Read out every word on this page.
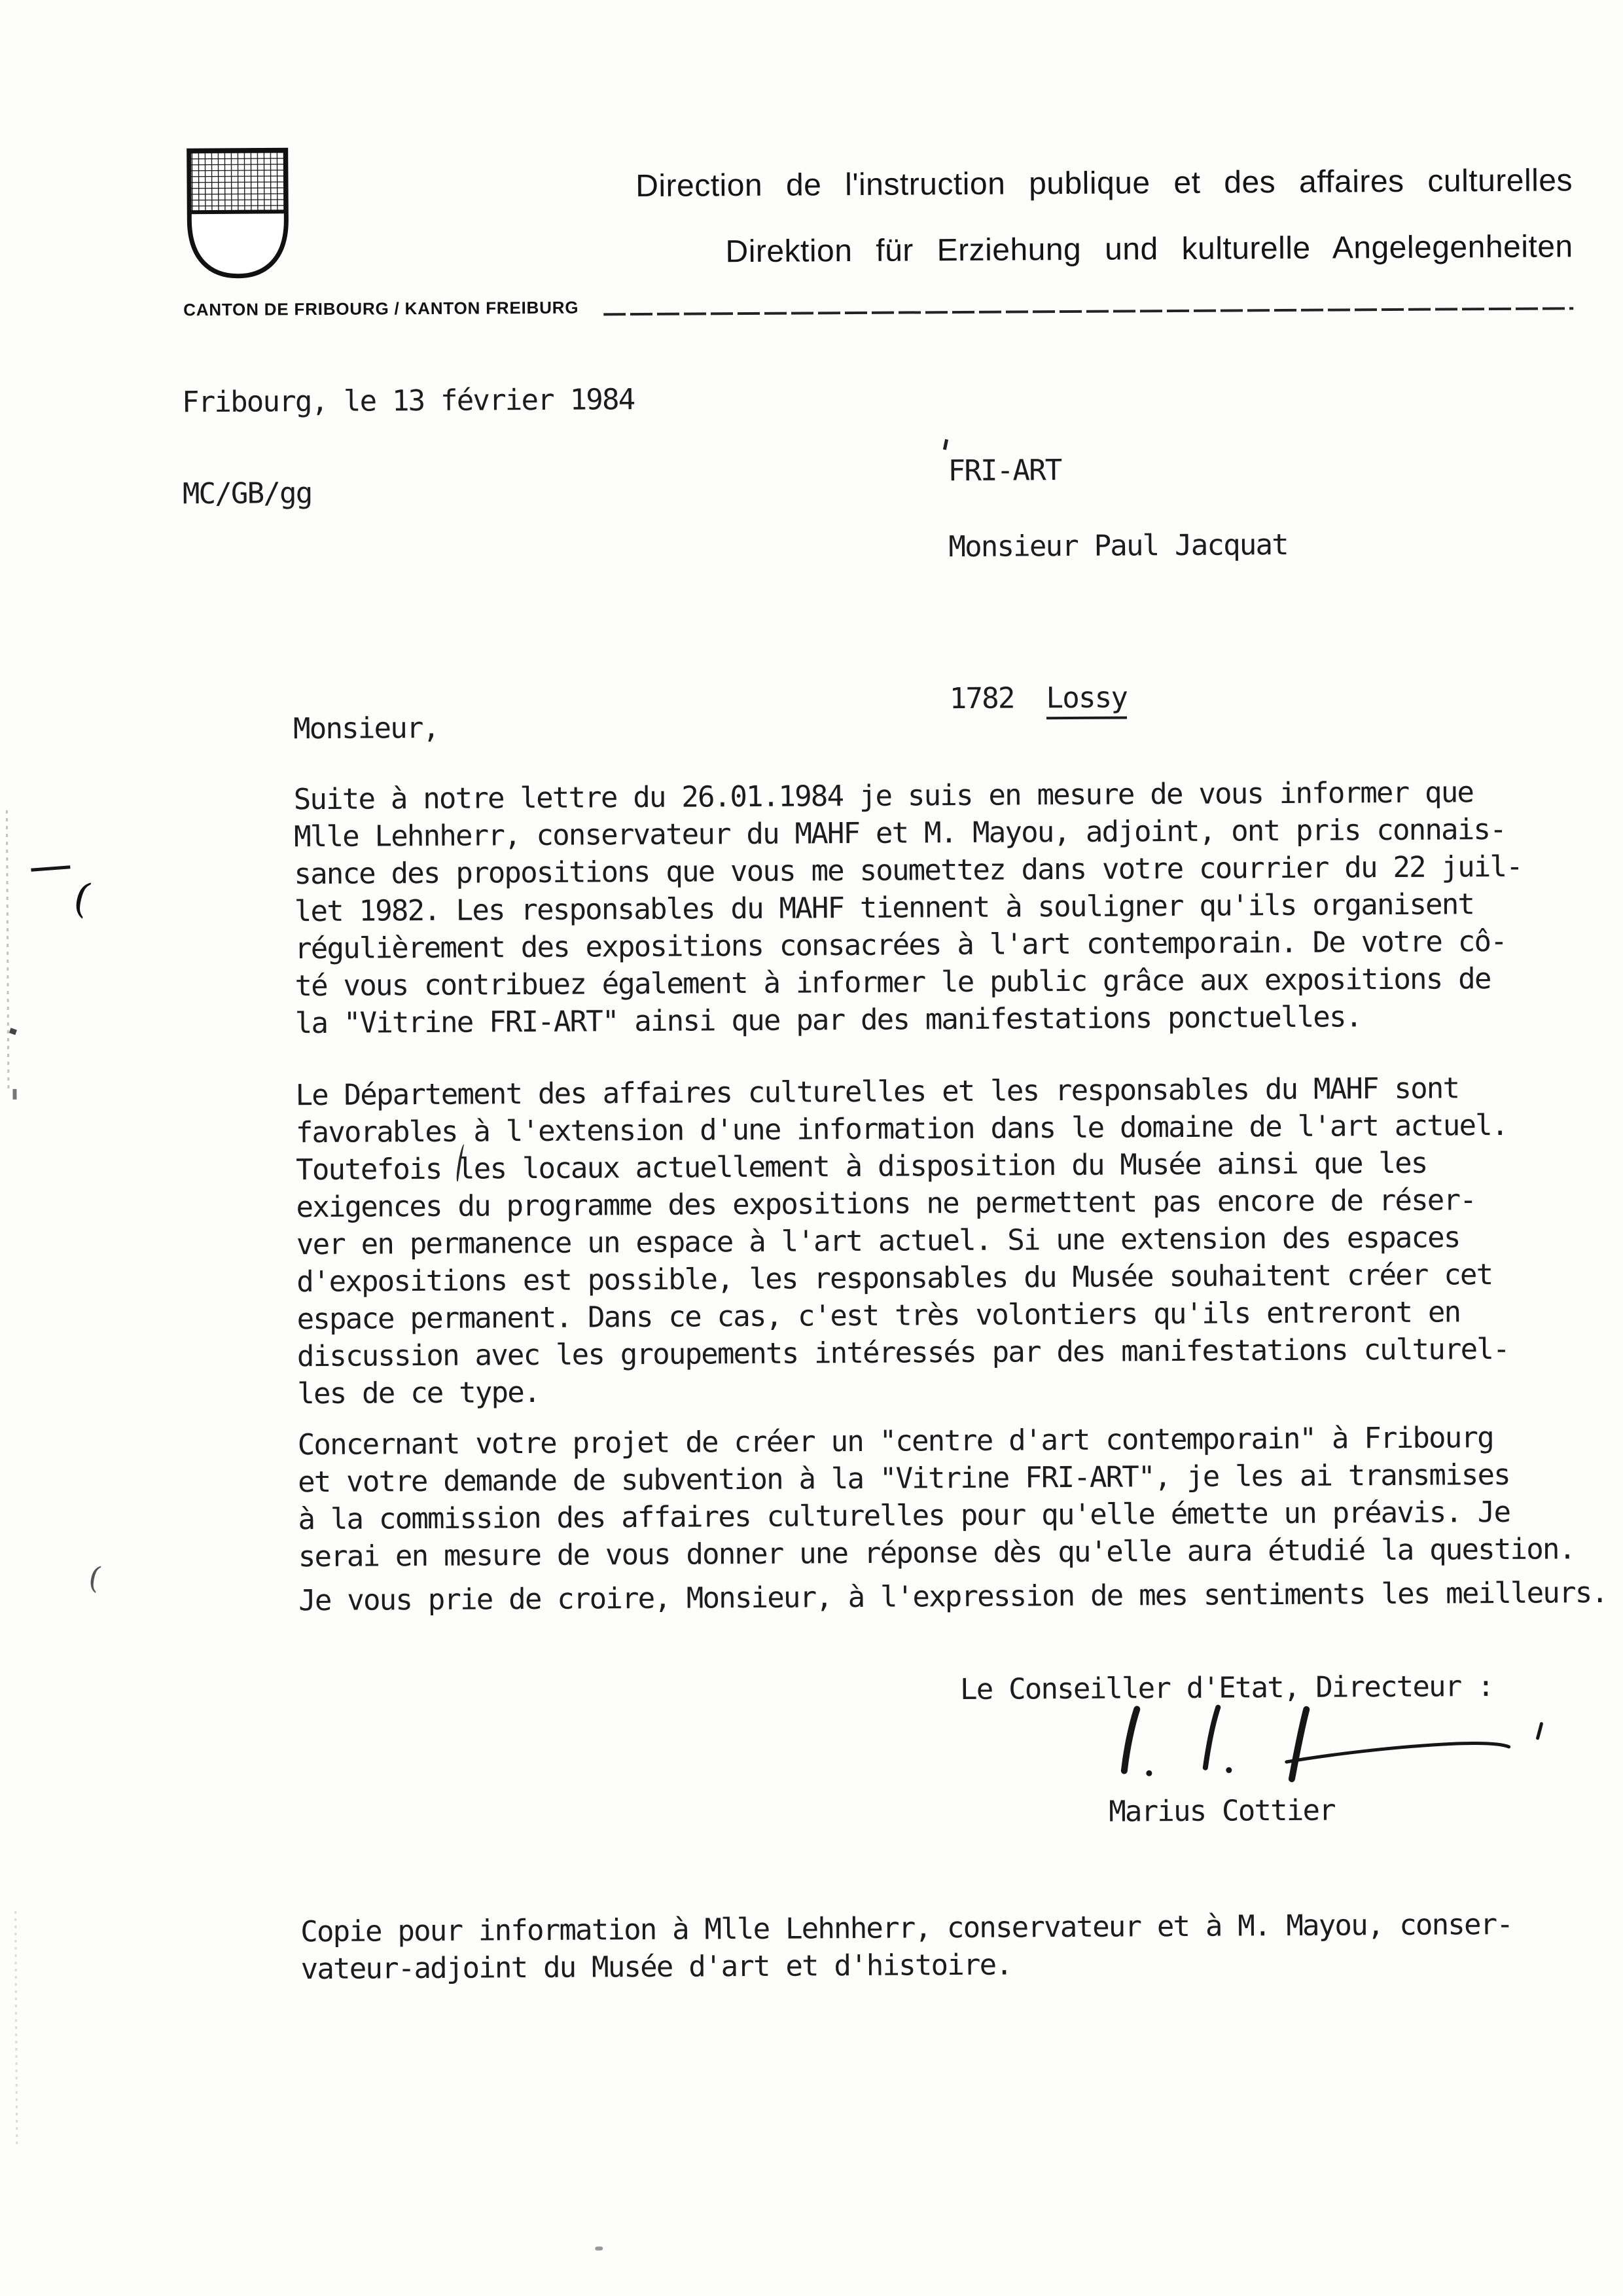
Direction de l'instruction publique et des affaires culturelles
Direktion für Erziehung und kulturelle Angelegenheiten
CANTON DE FRIBOURG / KANTON FREIBURG

Fribourg, le 13 février 1984

MC/GB/gg

FRI-ART

Monsieur Paul Jacquat

1782 Lossy

Monsieur,
Suite à notre lettre du 26.01.1984 je suis en mesure de vous informer que
Mlle Lehnherr, conservateur du MAHF et M. Mayou, adjoint, ont pris connais-
sance des propositions que vous me soumettez dans votre courrier du 22 juil-
let 1982. Les responsables du MAHF tiennent à souligner qu'ils organisent
régulièrement des expositions consacrées à l'art contemporain. De votre cô-
té vous contribuez également à informer le public grâce aux expositions de
la "Vitrine FRI-ART" ainsi que par des manifestations ponctuelles.
Le Département des affaires culturelles et les responsables du MAHF sont
favorables à l'extension d'une information dans le domaine de l'art actuel.
Toutefois les locaux actuellement à disposition du Musée ainsi que les
exigences du programme des expositions ne permettent pas encore de réser-
ver en permanence un espace à l'art actuel. Si une extension des espaces
d'expositions est possible, les responsables du Musée souhaitent créer cet
espace permanent. Dans ce cas, c'est très volontiers qu'ils entreront en
discussion avec les groupements intéressés par des manifestations culturel-
les de ce type.
Concernant votre projet de créer un "centre d'art contemporain" à Fribourg
et votre demande de subvention à la "Vitrine FRI-ART", je les ai transmises
à la commission des affaires culturelles pour qu'elle émette un préavis. Je
serai en mesure de vous donner une réponse dès qu'elle aura étudié la question.
Je vous prie de croire, Monsieur, à l'expression de mes sentiments les meilleurs.
Le Conseiller d'Etat, Directeur :
Marius Cottier
Copie pour information à Mlle Lehnherr, conservateur et à M. Mayou, conser-
vateur-adjoint du Musée d'art et d'histoire.
(
(
